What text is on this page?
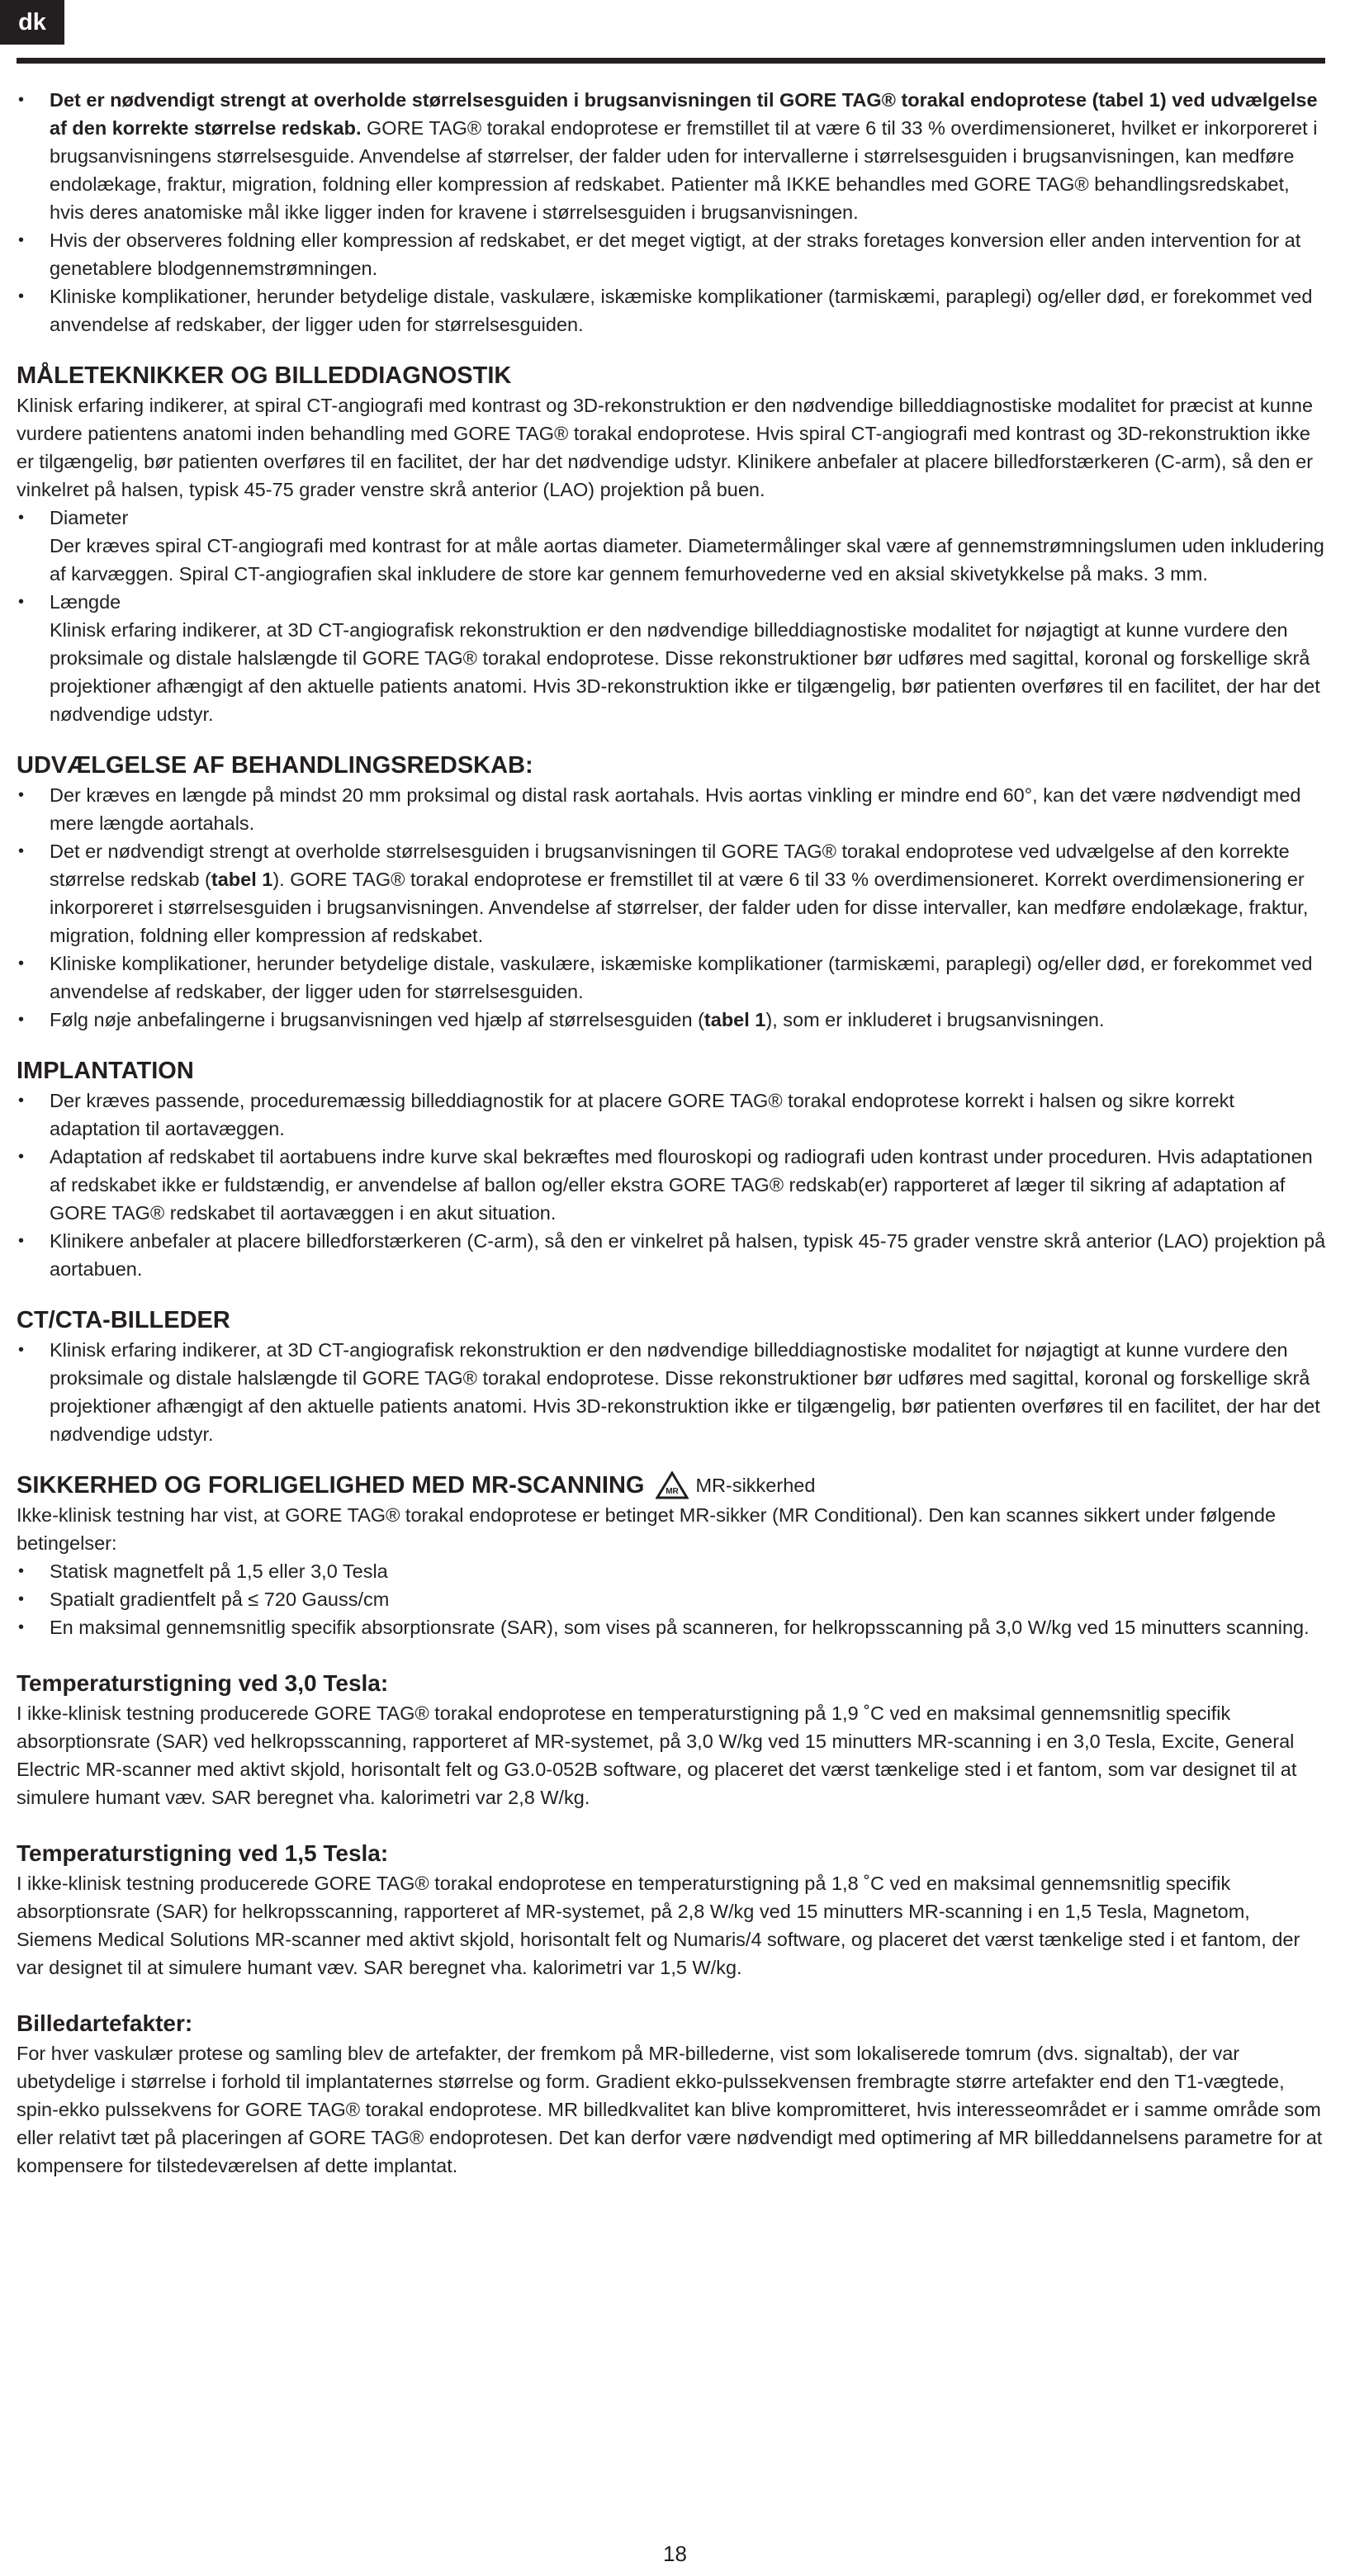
dk
• Det er nødvendigt strengt at overholde størrelsesguiden i brugsanvisningen til GORE TAG® torakal endoprotese (tabel 1) ved udvælgelse af den korrekte størrelse redskab. GORE TAG® torakal endoprotese er fremstillet til at være 6 til 33 % overdimensioneret, hvilket er inkorporeret i brugsanvisningens størrelsesguide. Anvendelse af størrelser, der falder uden for intervallerne i størrelsesguiden i brugsanvisningen, kan medføre endolækage, fraktur, migration, foldning eller kompression af redskabet. Patienter må IKKE behandles med GORE TAG® behandlingsredskabet, hvis deres anatomiske mål ikke ligger inden for kravene i størrelsesguiden i brugsanvisningen.
• Hvis der observeres foldning eller kompression af redskabet, er det meget vigtigt, at der straks foretages konversion eller anden intervention for at genetablere blodgennemstrømningen.
• Kliniske komplikationer, herunder betydelige distale, vaskulære, iskæmiske komplikationer (tarmiskæmi, paraplegi) og/eller død, er forekommet ved anvendelse af redskaber, der ligger uden for størrelsesguiden.
MÅLETEKNIKKER OG BILLEDDIAGNOSTIK

Klinisk erfaring indikerer, at spiral CT-angiografi med kontrast og 3D-rekonstruktion er den nødvendige billeddiagnostiske modalitet for præcist at kunne vurdere patientens anatomi inden behandling med GORE TAG® torakal endoprotese. Hvis spiral CT-angiografi med kontrast og 3D-rekonstruktion ikke er tilgængelig, bør patienten overføres til en facilitet, der har det nødvendige udstyr. Klinikere anbefaler at placere billedforstærkeren (C-arm), så den er vinkelret på halsen, typisk 45-75 grader venstre skrå anterior (LAO) projektion på buen.

• Diameter
Der kræves spiral CT-angiografi med kontrast for at måle aortas diameter. Diametermålinger skal være af gennemstrømningslumen uden inkludering af karvæggen. Spiral CT-angiografien skal inkludere de store kar gennem femurhovederne ved en aksial skivetykkelse på maks. 3 mm.
• Længde
Klinisk erfaring indikerer, at 3D CT-angiografisk rekonstruktion er den nødvendige billeddiagnostiske modalitet for nøjagtigt at kunne vurdere den proksimale og distale halslængde til GORE TAG® torakal endoprotese. Disse rekonstruktioner bør udføres med sagittal, koronal og forskellige skrå projektioner afhængigt af den aktuelle patients anatomi. Hvis 3D-rekonstruktion ikke er tilgængelig, bør patienten overføres til en facilitet, der har det nødvendige udstyr.
UDVÆLGELSE AF BEHANDLINGSREDSKAB:
• Der kræves en længde på mindst 20 mm proksimal og distal rask aortahals. Hvis aortas vinkling er mindre end 60°, kan det være nødvendigt med mere længde aortahals.
• Det er nødvendigt strengt at overholde størrelsesguiden i brugsanvisningen til GORE TAG® torakal endoprotese ved udvælgelse af den korrekte størrelse redskab (tabel 1). GORE TAG® torakal endoprotese er fremstillet til at være 6 til 33 % overdimensioneret. Korrekt overdimensionering er inkorporeret i størrelsesguiden i brugsanvisningen. Anvendelse af størrelser, der falder uden for disse intervaller, kan medføre endolækage, fraktur, migration, foldning eller kompression af redskabet.
• Kliniske komplikationer, herunder betydelige distale, vaskulære, iskæmiske komplikationer (tarmiskæmi, paraplegi) og/eller død, er forekommet ved anvendelse af redskaber, der ligger uden for størrelsesguiden.
• Følg nøje anbefalingerne i brugsanvisningen ved hjælp af størrelsesguiden (tabel 1), som er inkluderet i brugsanvisningen.
IMPLANTATION
• Der kræves passende, proceduremæssig billeddiagnostik for at placere GORE TAG® torakal endoprotese korrekt i halsen og sikre korrekt adaptation til aortavæggen.
• Adaptation af redskabet til aortabuens indre kurve skal bekræftes med flouroskopi og radiografi uden kontrast under proceduren. Hvis adaptationen af redskabet ikke er fuldstændig, er anvendelse af ballon og/eller ekstra GORE TAG® redskab(er) rapporteret af læger til sikring af adaptation af GORE TAG® redskabet til aortavæggen i en akut situation.
• Klinikere anbefaler at placere billedforstærkeren (C-arm), så den er vinkelret på halsen, typisk 45-75 grader venstre skrå anterior (LAO) projektion på aortabuen.
CT/CTA-BILLEDER
• Klinisk erfaring indikerer, at 3D CT-angiografisk rekonstruktion er den nødvendige billeddiagnostiske modalitet for nøjagtigt at kunne vurdere den proksimale og distale halslængde til GORE TAG® torakal endoprotese. Disse rekonstruktioner bør udføres med sagittal, koronal og forskellige skrå projektioner afhængigt af den aktuelle patients anatomi. Hvis 3D-rekonstruktion ikke er tilgængelig, bør patienten overføres til en facilitet, der har det nødvendige udstyr.
SIKKERHED OG FORLIGELIGHED MED MR-SCANNING	MR MR-sikkerhed

Ikke-klinisk testning har vist, at GORE TAG® torakal endoprotese er betinget MR-sikker (MR Conditional). Den kan scannes sikkert under følgende betingelser:

• Statisk magnetfelt på 1,5 eller 3,0 Tesla
• Spatialt gradientfelt på ≤ 720 Gauss/cm
• En maksimal gennemsnitlig specifik absorptionsrate (SAR), som vises på scanneren, for helkropsscanning på 3,0 W/kg ved 15 minutters scanning.
Temperaturstigning ved 3,0 Tesla:

I ikke-klinisk testning producerede GORE TAG® torakal endoprotese en temperaturstigning på 1,9 ˚C ved en maksimal gennemsnitlig specifik absorptionsrate (SAR) ved helkropsscanning, rapporteret af MR-systemet, på 3,0 W/kg ved 15 minutters MR-scanning i en 3,0 Tesla, Excite, General Electric MR-scanner med aktivt skjold, horisontalt felt og G3.0-052B software, og placeret det værst tænkelige sted i et fantom, som var designet til at simulere humant væv. SAR beregnet vha. kalorimetri var 2,8 W/kg.

Temperaturstigning ved 1,5 Tesla:

I ikke-klinisk testning producerede GORE TAG® torakal endoprotese en temperaturstigning på 1,8 ˚C ved en maksimal gennemsnitlig specifik absorptionsrate (SAR) for helkropsscanning, rapporteret af MR-systemet, på 2,8 W/kg ved 15 minutters MR-scanning i en 1,5 Tesla, Magnetom, Siemens Medical Solutions MR-scanner med aktivt skjold, horisontalt felt og Numaris/4 software, og placeret det værst tænkelige sted i et fantom, der var designet til at simulere humant væv. SAR beregnet vha. kalorimetri var 1,5 W/kg.

Billedartefakter:

For hver vaskulær protese og samling blev de artefakter, der fremkom på MR-billederne, vist som lokaliserede tomrum (dvs. signaltab), der var ubetydelige i størrelse i forhold til implantaternes størrelse og form. Gradient ekko-pulssekvensen frembragte større artefakter end den T1-vægtede, spin-ekko pulssekvens for GORE TAG® torakal endoprotese. MR billedkvalitet kan blive kompromitteret, hvis interesseområdet er i samme område som eller relativt tæt på placeringen af GORE TAG® endoprotesen. Det kan derfor være nødvendigt med optimering af MR billeddannelsens parametre for at kompensere for tilstedeværelsen af dette implantat.

18
